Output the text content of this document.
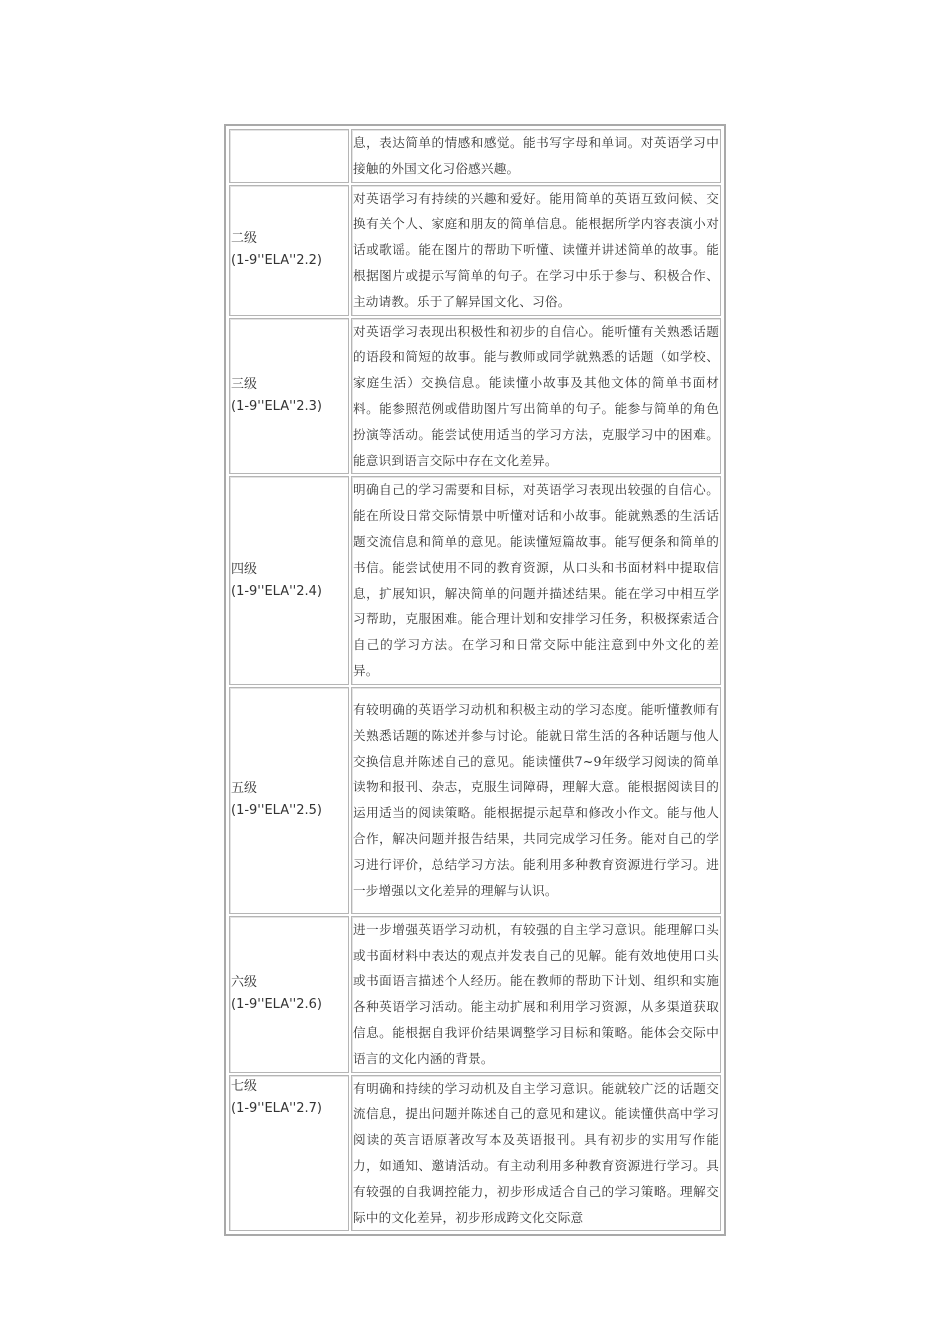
	息，表达简单的情感和感觉。能书写字母和单词。对英语学习中接触的外国文化习俗感兴趣。

二级
(1-9''ELA''2.2)	对英语学习有持续的兴趣和爱好。能用简单的英语互致问候、交换有关个人、家庭和朋友的简单信息。能根据所学内容表演小对话或歌谣。能在图片的帮助下听懂、读懂并讲述简单的故事。能根据图片或提示写简单的句子。在学习中乐于参与、积极合作、主动请教。乐于了解异国文化、习俗。

三级
(1-9''ELA''2.3)	对英语学习表现出积极性和初步的自信心。能听懂有关熟悉话题的语段和简短的故事。能与教师或同学就熟悉的话题（如学校、家庭生活）交换信息。能读懂小故事及其他文体的简单书面材料。能参照范例或借助图片写出简单的句子。能参与简单的角色扮演等活动。能尝试使用适当的学习方法，克服学习中的困难。能意识到语言交际中存在文化差异。

四级
(1-9''ELA''2.4)	明确自己的学习需要和目标，对英语学习表现出较强的自信心。能在所设日常交际情景中听懂对话和小故事。能就熟悉的生活话题交流信息和简单的意见。能读懂短篇故事。能写便条和简单的书信。能尝试使用不同的教育资源，从口头和书面材料中提取信息，扩展知识，解决简单的问题并描述结果。能在学习中相互学习帮助，克服困难。能合理计划和安排学习任务，积极探索适合自己的学习方法。在学习和日常交际中能注意到中外文化的差异。

五级
(1-9''ELA''2.5)	有较明确的英语学习动机和积极主动的学习态度。能听懂教师有关熟悉话题的陈述并参与讨论。能就日常生活的各种话题与他人交换信息并陈述自己的意见。能读懂供7~9年级学习阅读的简单读物和报刊、杂志，克服生词障碍，理解大意。能根据阅读目的运用适当的阅读策略。能根据提示起草和修改小作文。能与他人合作，解决问题并报告结果，共同完成学习任务。能对自己的学习进行评价，总结学习方法。能利用多种教育资源进行学习。进一步增强以文化差异的理解与认识。

六级
(1-9''ELA''2.6)	进一步增强英语学习动机，有较强的自主学习意识。能理解口头或书面材料中表达的观点并发表自己的见解。能有效地使用口头或书面语言描述个人经历。能在教师的帮助下计划、组织和实施各种英语学习活动。能主动扩展和利用学习资源，从多渠道获取信息。能根据自我评价结果调整学习目标和策略。能体会交际中语言的文化内涵的背景。

七级
(1-9''ELA''2.7)	有明确和持续的学习动机及自主学习意识。能就较广泛的话题交流信息，提出问题并陈述自己的意见和建议。能读懂供高中学习阅读的英言语原著改写本及英语报刊。具有初步的实用写作能力，如通知、邀请活动。有主动利用多种教育资源进行学习。具有较强的自我调控能力，初步形成适合自己的学习策略。理解交际中的文化差异，初步形成跨文化交际意
